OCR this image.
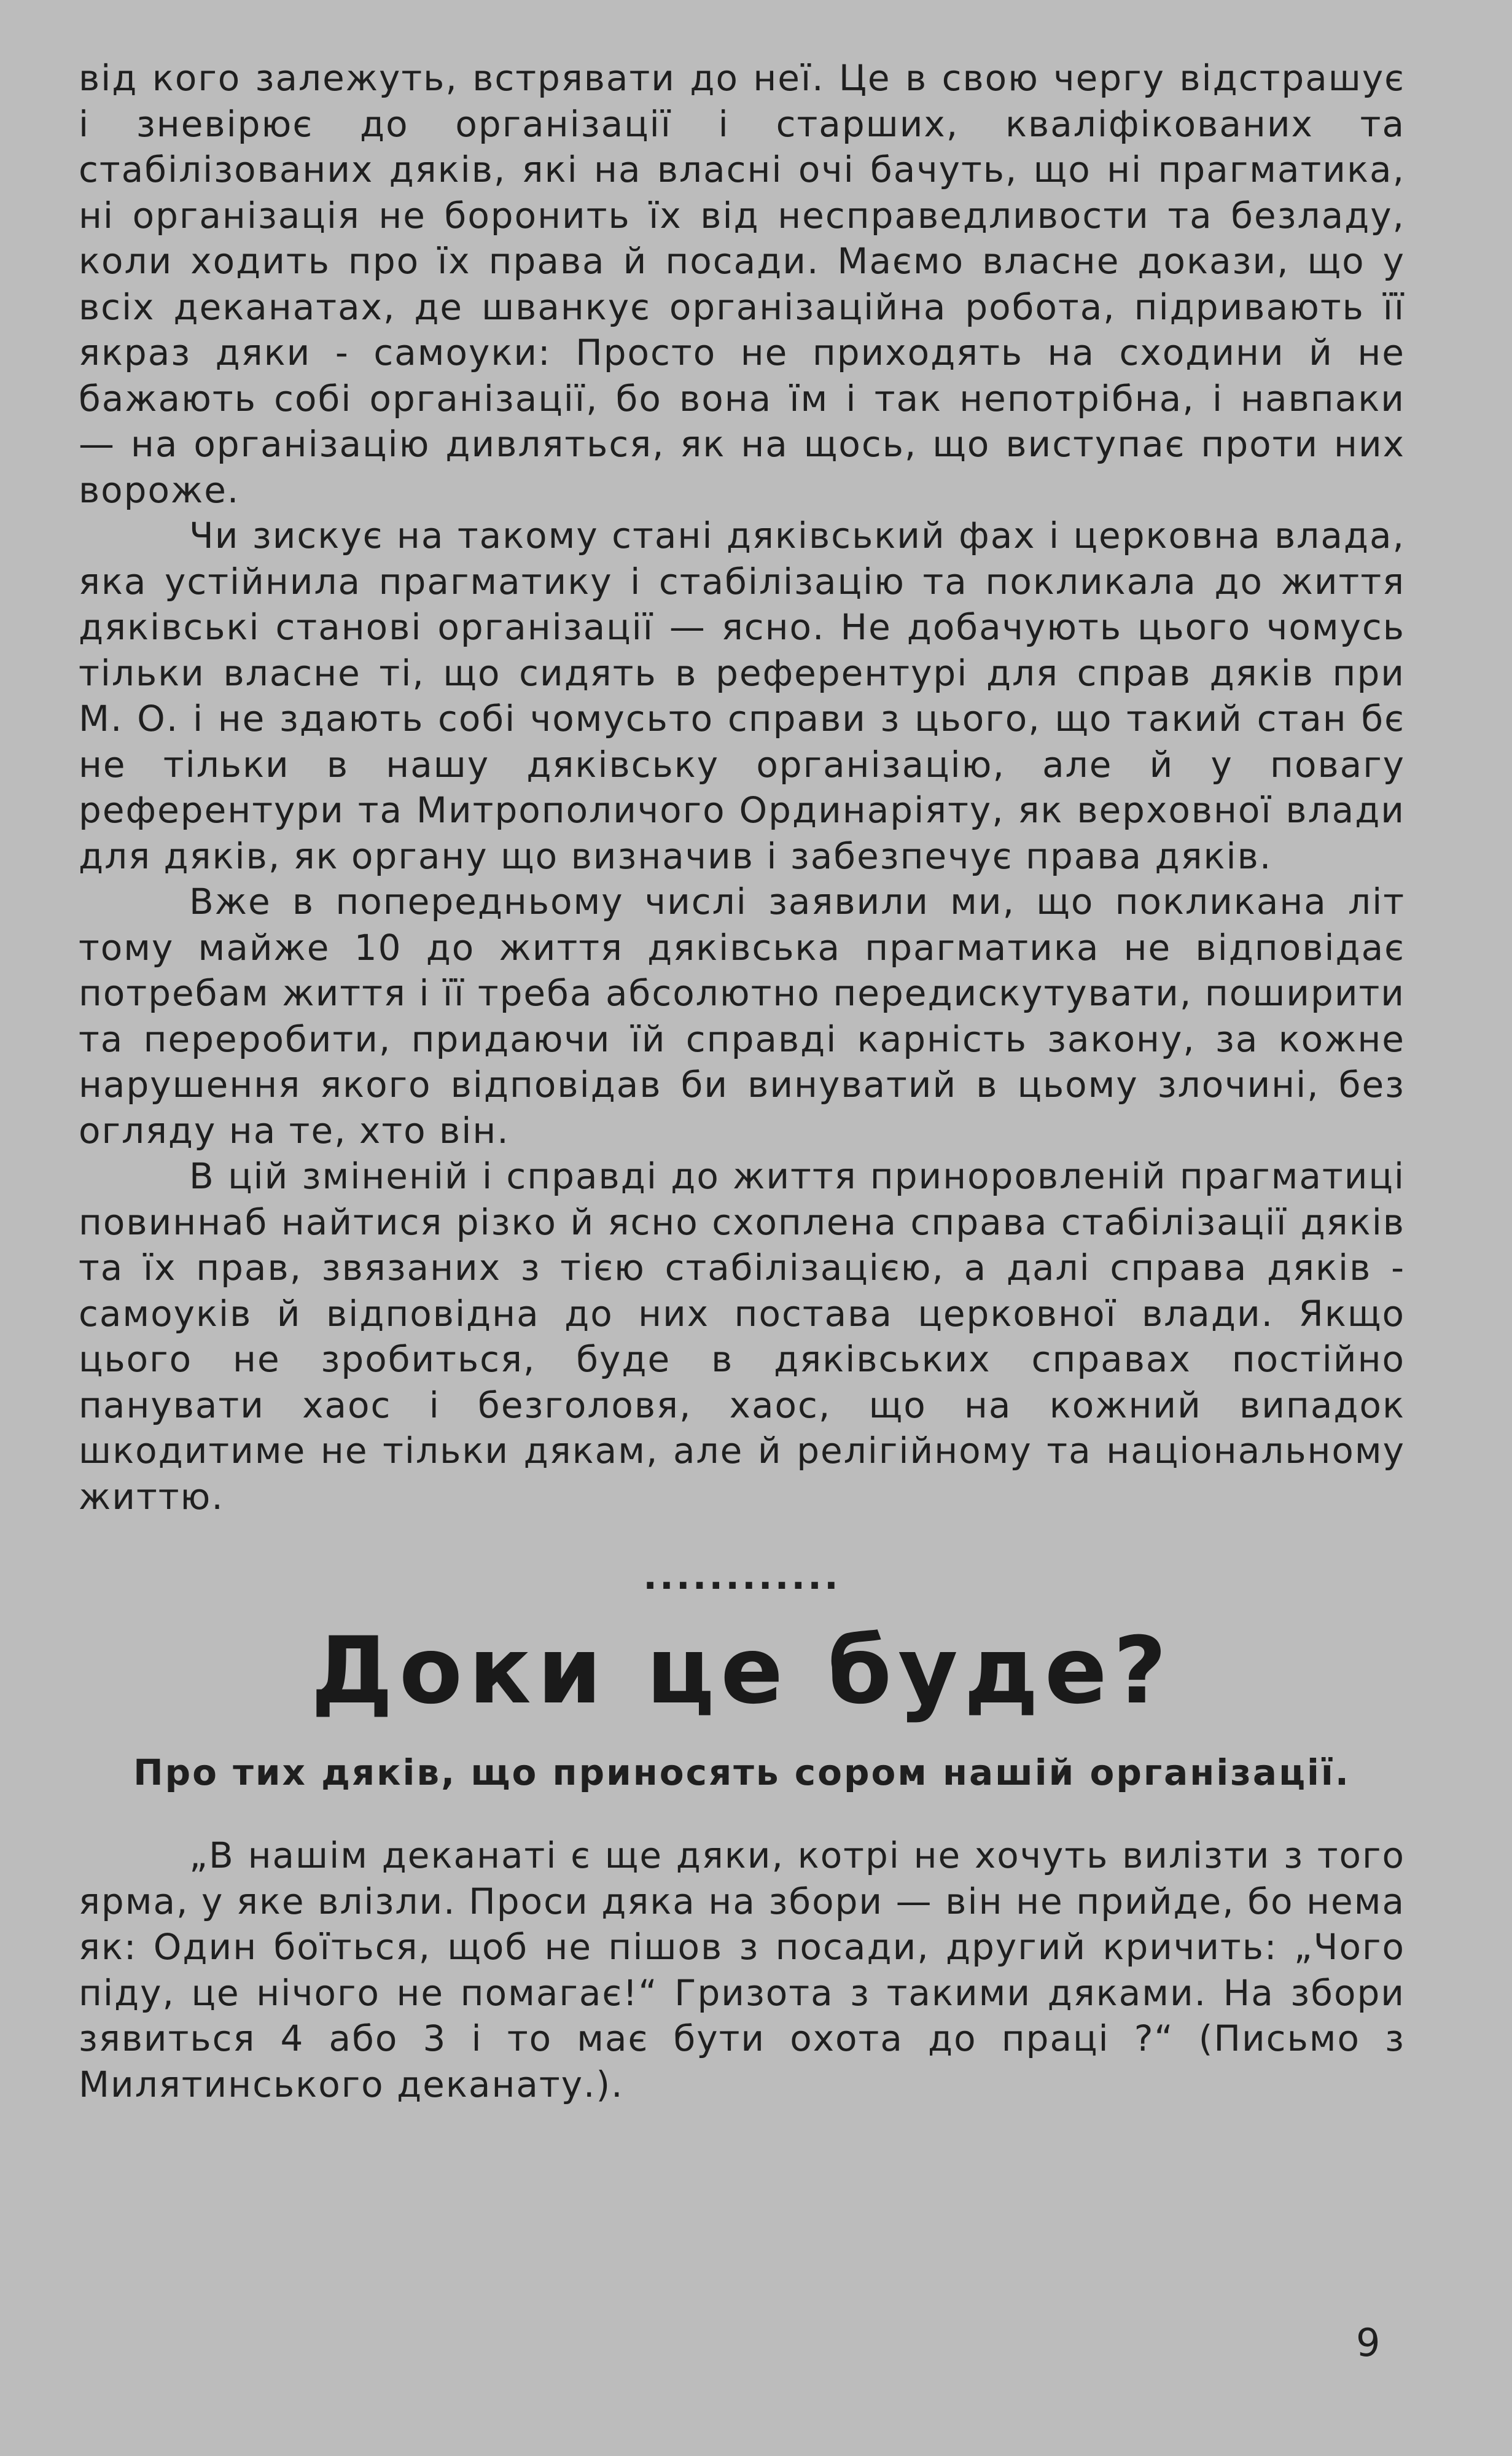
від кого залежуть, встрявати до неї. Це в свою чергу відстрашує і зневірює до організації і старших, кваліфікованих та стабілізованих дяків, які на власні очі бачуть, що ні прагматика, ні організація не боронить їх від несправедливости та безладу, коли ходить про їх права й посади. Маємо власне докази, що у всіх деканатах, де шванкує організаційна робота, підривають її якраз дяки - самоуки: Просто не приходять на сходини й не бажають собі організації, бо вона їм і так непотрібна, і навпаки — на організацію дивляться, як на щось, що виступає проти них вороже.

Чи зискує на такому стані дяківський фах і церковна влада, яка устійнила прагматику і стабілізацію та покликала до життя дяківські станові організації — ясно. Не добачують цього чомусь тільки власне ті, що сидять в референтурі для справ дяків при М. О. і не здають собі чомусьто справи з цього, що такий стан бє не тільки в нашу дяківську організацію, але й у повагу референтури та Митрополичого Ординаріяту, як верховної влади для дяків, як органу що визначив і забезпечує права дяків.

Вже в попередньому числі заявили ми, що покликана літ тому майже 10 до життя дяківська прагматика не відповідає потребам життя і її треба абсолютно передискутувати, поширити та переробити, придаючи їй справді карність закону, за кожне нарушення якого відповідав би винуватий в цьому злочині, без огляду на те, хто він.

В цій зміненій і справді до життя приноровленій прагматиці повиннаб найтися різко й ясно схоплена справа стабілізації дяків та їх прав, звязаних з тією стабілізацією, а далі справа дяків - самоуків й відповідна до них постава церковної влади. Якщо цього не зробиться, буде в дяківських справах постійно панувати хаос і безголовя, хаос, що на кожний випадок шкодитиме не тільки дякам, але й релігійному та національному життю.

............
Доки це буде?
Про тих дяків, що приносять сором нашій організації.

„В нашім деканаті є ще дяки, котрі не хочуть вилізти з того ярма, у яке влізли. Проси дяка на збори — він не прийде, бо нема як: Один боїться, щоб не пішов з посади, другий кричить: „Чого піду, це нічого не помагає!“ Гризота з такими дяками. На збори зявиться 4 або 3 і то має бути охота до праці ?“ (Письмо з Милятинського деканату.).

9
